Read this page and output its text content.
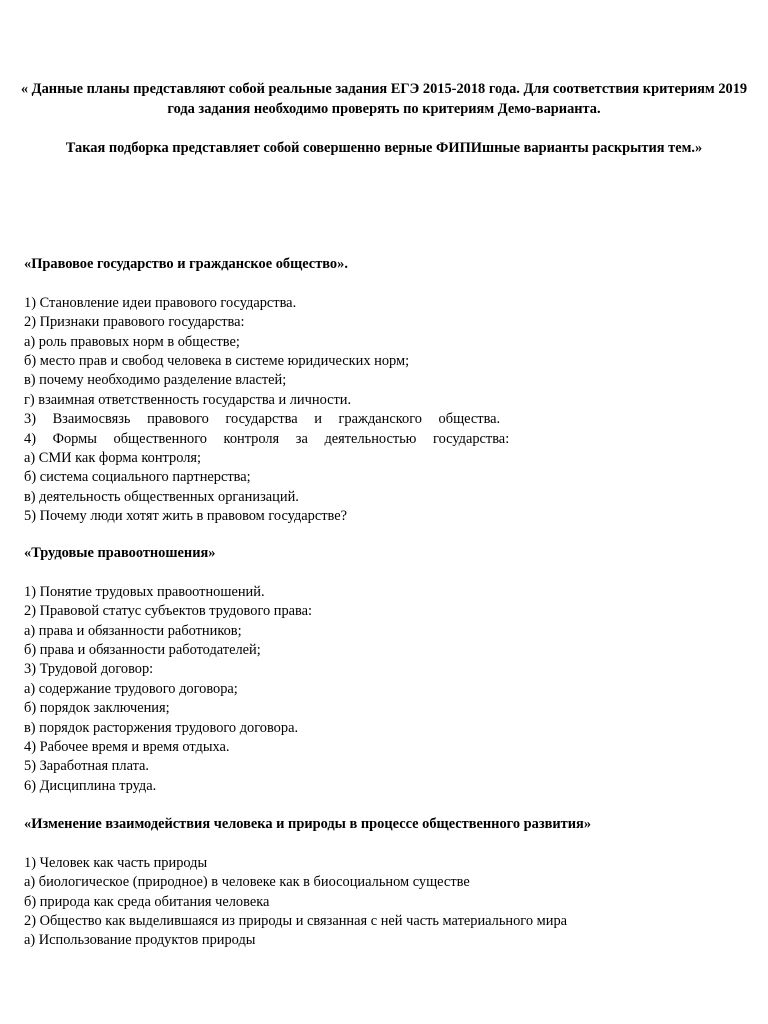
« Данные планы представляют собой реальные задания ЕГЭ 2015-2018 года. Для соответствия критериям 2019 года задания необходимо проверять по критериям Демо-варианта.

Такая подборка представляет собой совершенно верные ФИПИшные варианты раскрытия тем.»

«Правовое государство и гражданское общество».
1) Становление идеи правового государства.
2) Признаки правового государства:
а) роль правовых норм в обществе;
б) место прав и свобод человека в системе юридических норм;
в) почему необходимо разделение властей;
г) взаимная ответственность государства и личности.
3) Взаимосвязь правового государства и гражданского общества.
4) Формы общественного контроля за деятельностью государства:
а) СМИ как форма контроля;
б) система социального партнерства;
в) деятельность общественных организаций.
5) Почему люди хотят жить в правовом государстве?
«Трудовые правоотношения»
1) Понятие трудовых правоотношений.
2) Правовой статус субъектов трудового права:
а) права и обязанности работников;
б) права и обязанности работодателей;
3) Трудовой договор:
а) содержание трудового договора;
б) порядок заключения;
в) порядок расторжения трудового договора.
4) Рабочее время и время отдыха.
5) Заработная плата.
6) Дисциплина труда.
«Изменение взаимодействия человека и природы в процессе общественного развития»
1) Человек как часть природы
а) биологическое (природное) в человеке как в биосоциальном существе
б) природа как среда обитания человека
2) Общество как выделившаяся из природы и связанная с ней часть материального мира
а) Использование продуктов природы
